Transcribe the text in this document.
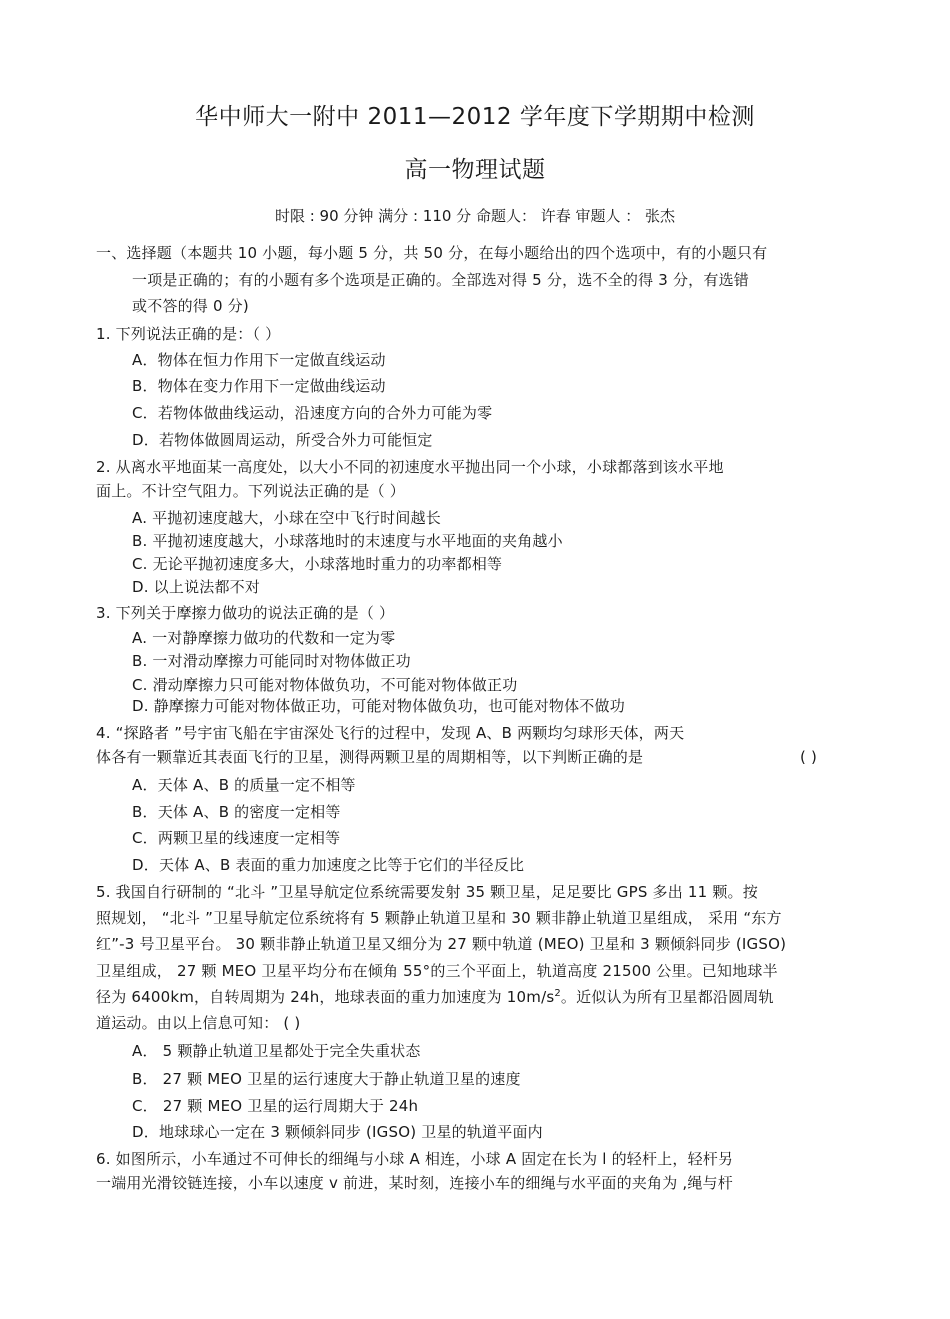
华中师大一附中 2011—2012 学年度下学期期中检测
高一物理试题
时限 : 90 分钟 满分 : 110 分 命题人： 许春 审题人 ： 张杰
一、选择题（本题共 10 小题，每小题 5 分，共 50 分，在每小题给出的四个选项中，有的小题只有
一项是正确的；有的小题有多个选项是正确的。全部选对得 5 分，选不全的得 3 分，有选错
或不答的得 0 分)
1. 下列说法正确的是：（ ）
A．物体在恒力作用下一定做直线运动
B．物体在变力作用下一定做曲线运动
C．若物体做曲线运动，沿速度方向的合外力可能为零
D．若物体做圆周运动，所受合外力可能恒定
2. 从离水平地面某一高度处，以大小不同的初速度水平抛出同一个小球，小球都落到该水平地
面上。不计空气阻力。下列说法正确的是（ ）
A. 平抛初速度越大，小球在空中飞行时间越长
B. 平抛初速度越大，小球落地时的末速度与水平地面的夹角越小
C. 无论平抛初速度多大，小球落地时重力的功率都相等
D. 以上说法都不对
3. 下列关于摩擦力做功的说法正确的是（ ）
A. 一对静摩擦力做功的代数和一定为零
B. 一对滑动摩擦力可能同时对物体做正功
C. 滑动摩擦力只可能对物体做负功，不可能对物体做正功
D. 静摩擦力可能对物体做正功，可能对物体做负功，也可能对物体不做功
4. “探路者 ”号宇宙飞船在宇宙深处飞行的过程中，发现 A、B 两颗均匀球形天体，两天
体各有一颗靠近其表面飞行的卫星，测得两颗卫星的周期相等，以下判断正确的是	( )
A．天体 A、B 的质量一定不相等
B．天体 A、B 的密度一定相等
C．两颗卫星的线速度一定相等
D．天体 A、B 表面的重力加速度之比等于它们的半径反比
5. 我国自行研制的 “北斗 ”卫星导航定位系统需要发射 35 颗卫星，足足要比 GPS 多出 11 颗。按
照规划， “北斗 ”卫星导航定位系统将有 5 颗静止轨道卫星和 30 颗非静止轨道卫星组成， 采用 “东方
红”-3 号卫星平台。 30 颗非静止轨道卫星又细分为 27 颗中轨道 (MEO) 卫星和 3 颗倾斜同步 (IGSO)
卫星组成， 27 颗 MEO 卫星平均分布在倾角 55°的三个平面上，轨道高度 21500 公里。已知地球半
径为 6400km，自转周期为 24h，地球表面的重力加速度为 $10m/s^2$。近似认为所有卫星都沿圆周轨
道运动。由以上信息可知： ( )
A． 5 颗静止轨道卫星都处于完全失重状态
B． 27 颗 MEO 卫星的运行速度大于静止轨道卫星的速度
C． 27 颗 MEO 卫星的运行周期大于 24h
D．地球球心一定在 3 颗倾斜同步 (IGSO) 卫星的轨道平面内
6. 如图所示，小车通过不可伸长的细绳与小球 A 相连，小球 A 固定在长为 l 的轻杆上，轻杆另
一端用光滑铰链连接，小车以速度 v 前进，某时刻，连接小车的细绳与水平面的夹角为 ,绳与杆
